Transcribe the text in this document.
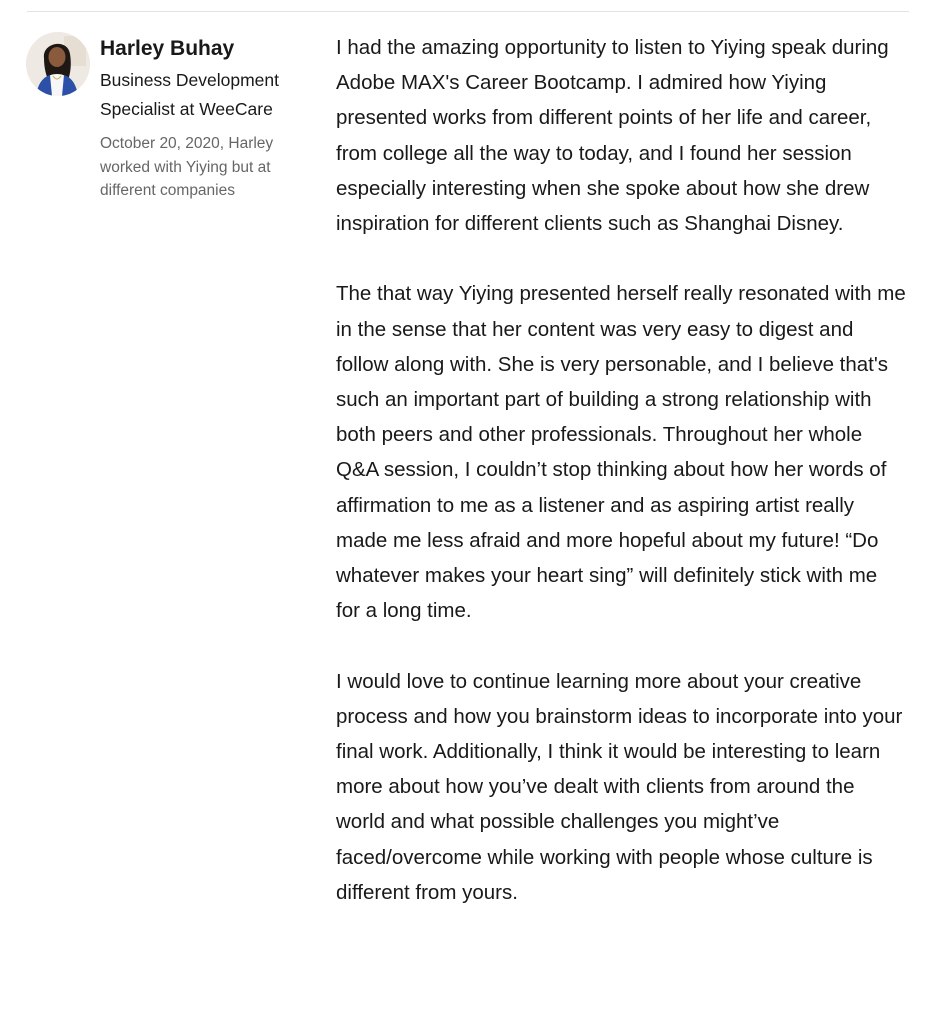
Harley Buhay
Business Development Specialist at WeeCare
October 20, 2020, Harley worked with Yiying but at different companies

I had the amazing opportunity to listen to Yiying speak during Adobe MAX's Career Bootcamp. I admired how Yiying presented works from different points of her life and career, from college all the way to today, and I found her session especially interesting when she spoke about how she drew inspiration for different clients such as Shanghai Disney.

The that way Yiying presented herself really resonated with me in the sense that her content was very easy to digest and follow along with. She is very personable, and I believe that's such an important part of building a strong relationship with both peers and other professionals. Throughout her whole Q&A session, I couldn’t stop thinking about how her words of affirmation to me as a listener and as aspiring artist really made me less afraid and more hopeful about my future! “Do whatever makes your heart sing” will definitely stick with me for a long time.

I would love to continue learning more about your creative process and how you brainstorm ideas to incorporate into your final work. Additionally, I think it would be interesting to learn more about how you’ve dealt with clients from around the world and what possible challenges you might’ve faced/overcome while working with people whose culture is different from yours.
